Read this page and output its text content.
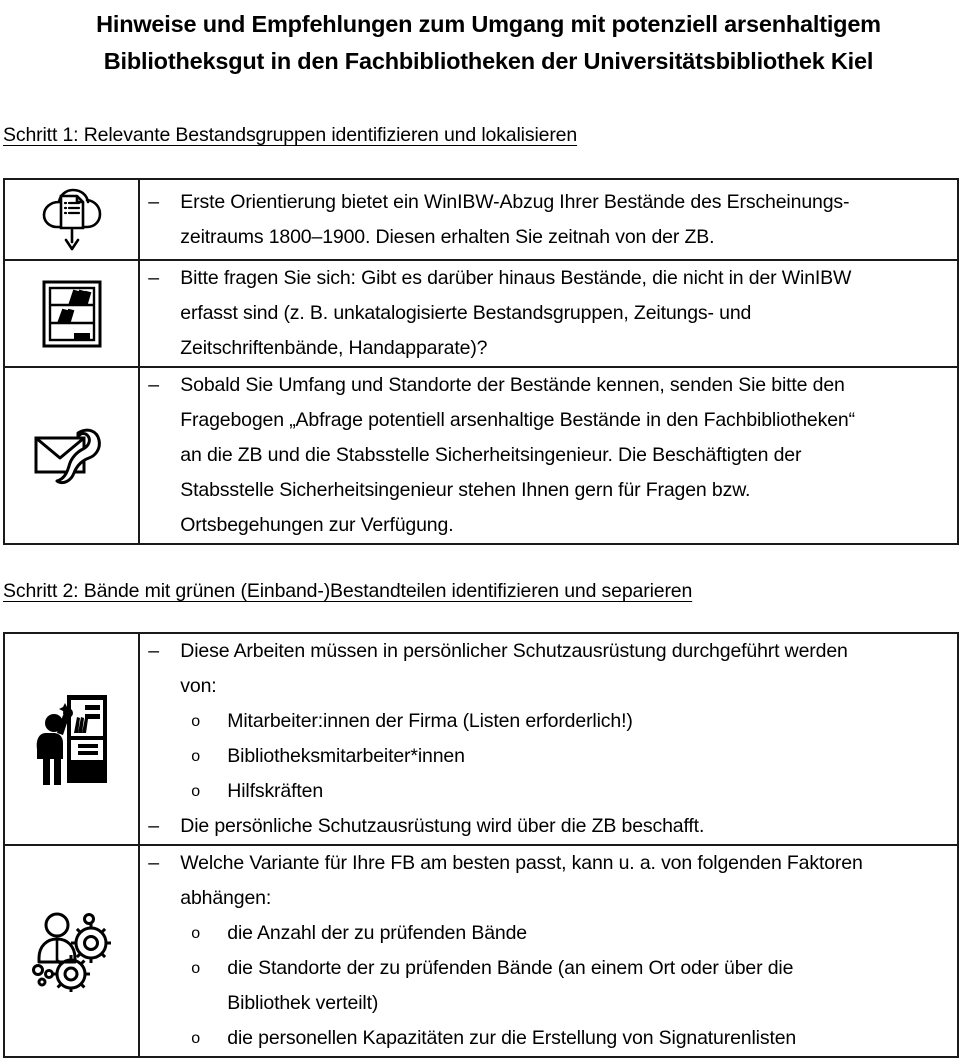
Hinweise und Empfehlungen zum Umgang mit potenziell arsenhaltigem
Bibliotheksgut in den Fachbibliotheken der Universitätsbibliothek Kiel
Schritt 1: Relevante Bestandsgruppen identifizieren und lokalisieren

– Erste Orientierung bietet ein WinIBW-Abzug Ihrer Bestände des Erscheinungs-
zeitraums 1800–1900. Diesen erhalten Sie zeitnah von der ZB.

– Bitte fragen Sie sich: Gibt es darüber hinaus Bestände, die nicht in der WinIBW
erfasst sind (z. B. unkatalogisierte Bestandsgruppen, Zeitungs- und
Zeitschriftenbände, Handapparate)?

– Sobald Sie Umfang und Standorte der Bestände kennen, senden Sie bitte den
Fragebogen „Abfrage potentiell arsenhaltige Bestände in den Fachbibliotheken“
an die ZB und die Stabsstelle Sicherheitsingenieur. Die Beschäftigten der
Stabsstelle Sicherheitsingenieur stehen Ihnen gern für Fragen bzw.
Ortsbegehungen zur Verfügung.
Schritt 2: Bände mit grünen (Einband-)Bestandteilen identifizieren und separieren

– Diese Arbeiten müssen in persönlicher Schutzausrüstung durchgeführt werden
von:
o Mitarbeiter:innen der Firma (Listen erforderlich!)
o Bibliotheksmitarbeiter*innen
o Hilfskräften
– Die persönliche Schutzausrüstung wird über die ZB beschafft.

– Welche Variante für Ihre FB am besten passt, kann u. a. von folgenden Faktoren
abhängen:
o die Anzahl der zu prüfenden Bände
o die Standorte der zu prüfenden Bände (an einem Ort oder über die
Bibliothek verteilt)
o die personellen Kapazitäten zur die Erstellung von Signaturenlisten
